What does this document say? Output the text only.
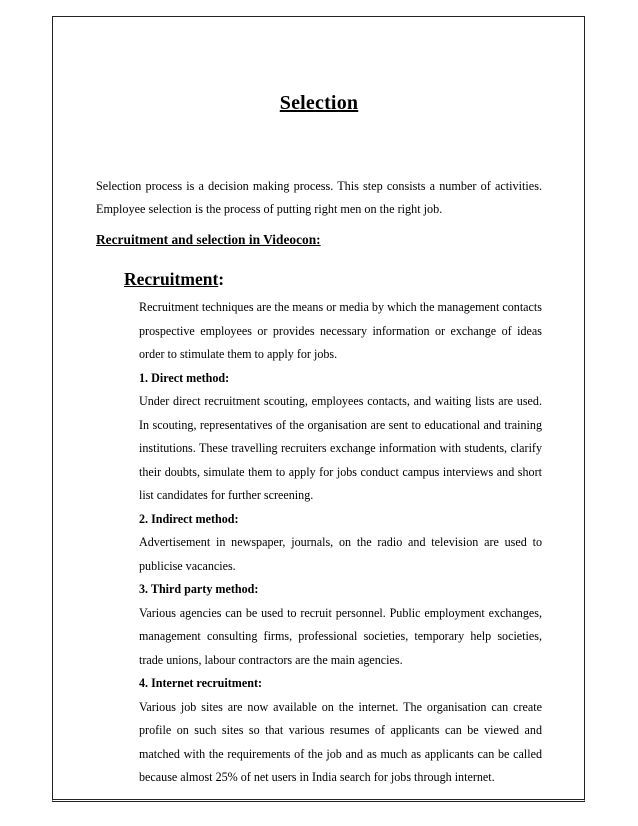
Selection

Selection process is a decision making process. This step consists a number of activities. Employee selection is the process of putting right men on the right job.

Recruitment and selection in Videocon:
Recruitment:

Recruitment techniques are the means or media by which the management contacts prospective employees or provides necessary information or exchange of ideas order to stimulate them to apply for jobs.

1. Direct method:

Under direct recruitment scouting, employees contacts, and waiting lists are used. In scouting, representatives of the organisation are sent to educational and training institutions. These travelling recruiters exchange information with students, clarify their doubts, simulate them to apply for jobs conduct campus interviews and short list candidates for further screening.

2. Indirect method:

Advertisement in newspaper, journals, on the radio and television are used to publicise vacancies.

3. Third party method:

Various agencies can be used to recruit personnel. Public employment exchanges, management consulting firms, professional societies, temporary help societies, trade unions, labour contractors are the main agencies.

4. Internet recruitment:

Various job sites are now available on the internet. The organisation can create profile on such sites so that various resumes of applicants can be viewed and matched with the requirements of the job and as much as applicants can be called because almost 25% of net users in India search for jobs through internet.
